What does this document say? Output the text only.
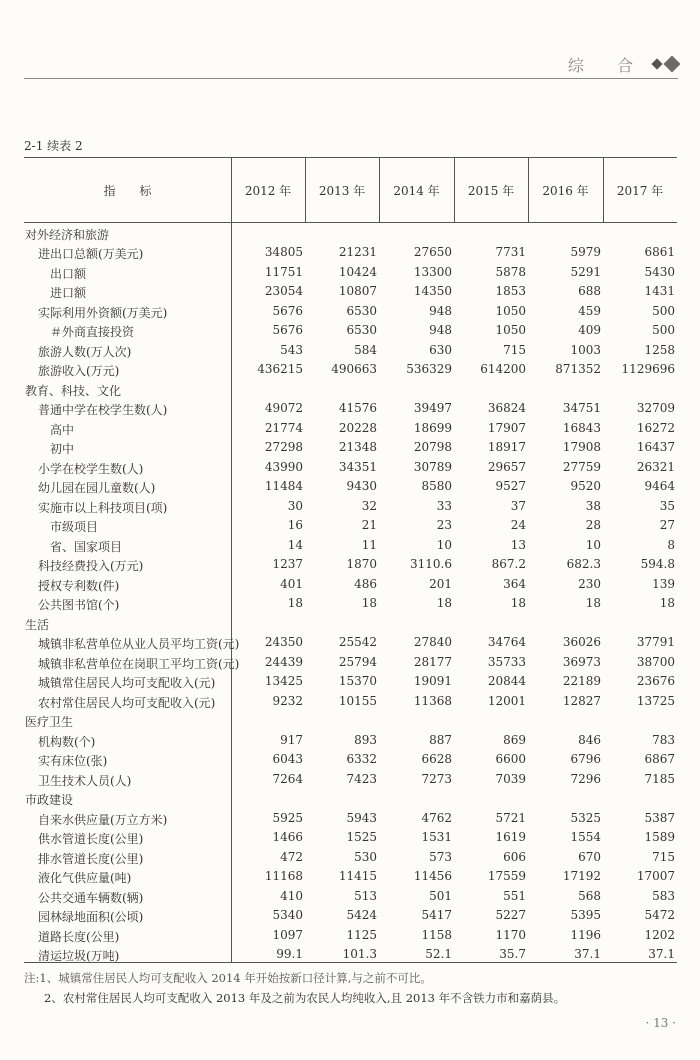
综 合
2-1 续表 2
指　　标	2012 年	2013 年	2014 年	2015 年	2016 年	2017 年
对外经济和旅游
进出口总额(万美元)	34805	21231	27650	7731	5979	6861
出口额	11751	10424	13300	5878	5291	5430
进口额	23054	10807	14350	1853	688	1431
实际利用外资额(万美元)	5676	6530	948	1050	459	500
＃外商直接投资	5676	6530	948	1050	409	500
旅游人数(万人次)	543	584	630	715	1003	1258
旅游收入(万元)	436215	490663	536329	614200	871352	1129696
教育、科技、文化
普通中学在校学生数(人)	49072	41576	39497	36824	34751	32709
高中	21774	20228	18699	17907	16843	16272
初中	27298	21348	20798	18917	17908	16437
小学在校学生数(人)	43990	34351	30789	29657	27759	26321
幼儿园在园儿童数(人)	11484	9430	8580	9527	9520	9464
实施市以上科技项目(项)	30	32	33	37	38	35
市级项目	16	21	23	24	28	27
省、国家项目	14	11	10	13	10	8
科技经费投入(万元)	1237	1870	3110.6	867.2	682.3	594.8
授权专利数(件)	401	486	201	364	230	139
公共图书馆(个)	18	18	18	18	18	18
生活
城镇非私营单位从业人员平均工资(元)	24350	25542	27840	34764	36026	37791
城镇非私营单位在岗职工平均工资(元)	24439	25794	28177	35733	36973	38700
城镇常住居民人均可支配收入(元)	13425	15370	19091	20844	22189	23676
农村常住居民人均可支配收入(元)	9232	10155	11368	12001	12827	13725
医疗卫生
机构数(个)	917	893	887	869	846	783
实有床位(张)	6043	6332	6628	6600	6796	6867
卫生技术人员(人)	7264	7423	7273	7039	7296	7185
市政建设
自来水供应量(万立方米)	5925	5943	4762	5721	5325	5387
供水管道长度(公里)	1466	1525	1531	1619	1554	1589
排水管道长度(公里)	472	530	573	606	670	715
液化气供应量(吨)	11168	11415	11456	17559	17192	17007
公共交通车辆数(辆)	410	513	501	551	568	583
园林绿地面积(公顷)	5340	5424	5417	5227	5395	5472
道路长度(公里)	1097	1125	1158	1170	1196	1202
清运垃圾(万吨)	99.1	101.3	52.1	35.7	37.1	37.1
注:1、城镇常住居民人均可支配收入 2014 年开始按新口径计算,与之前不可比。
2、农村常住居民人均可支配收入 2013 年及之前为农民人均纯收入,且 2013 年不含铁力市和嘉荫县。
· 13 ·
